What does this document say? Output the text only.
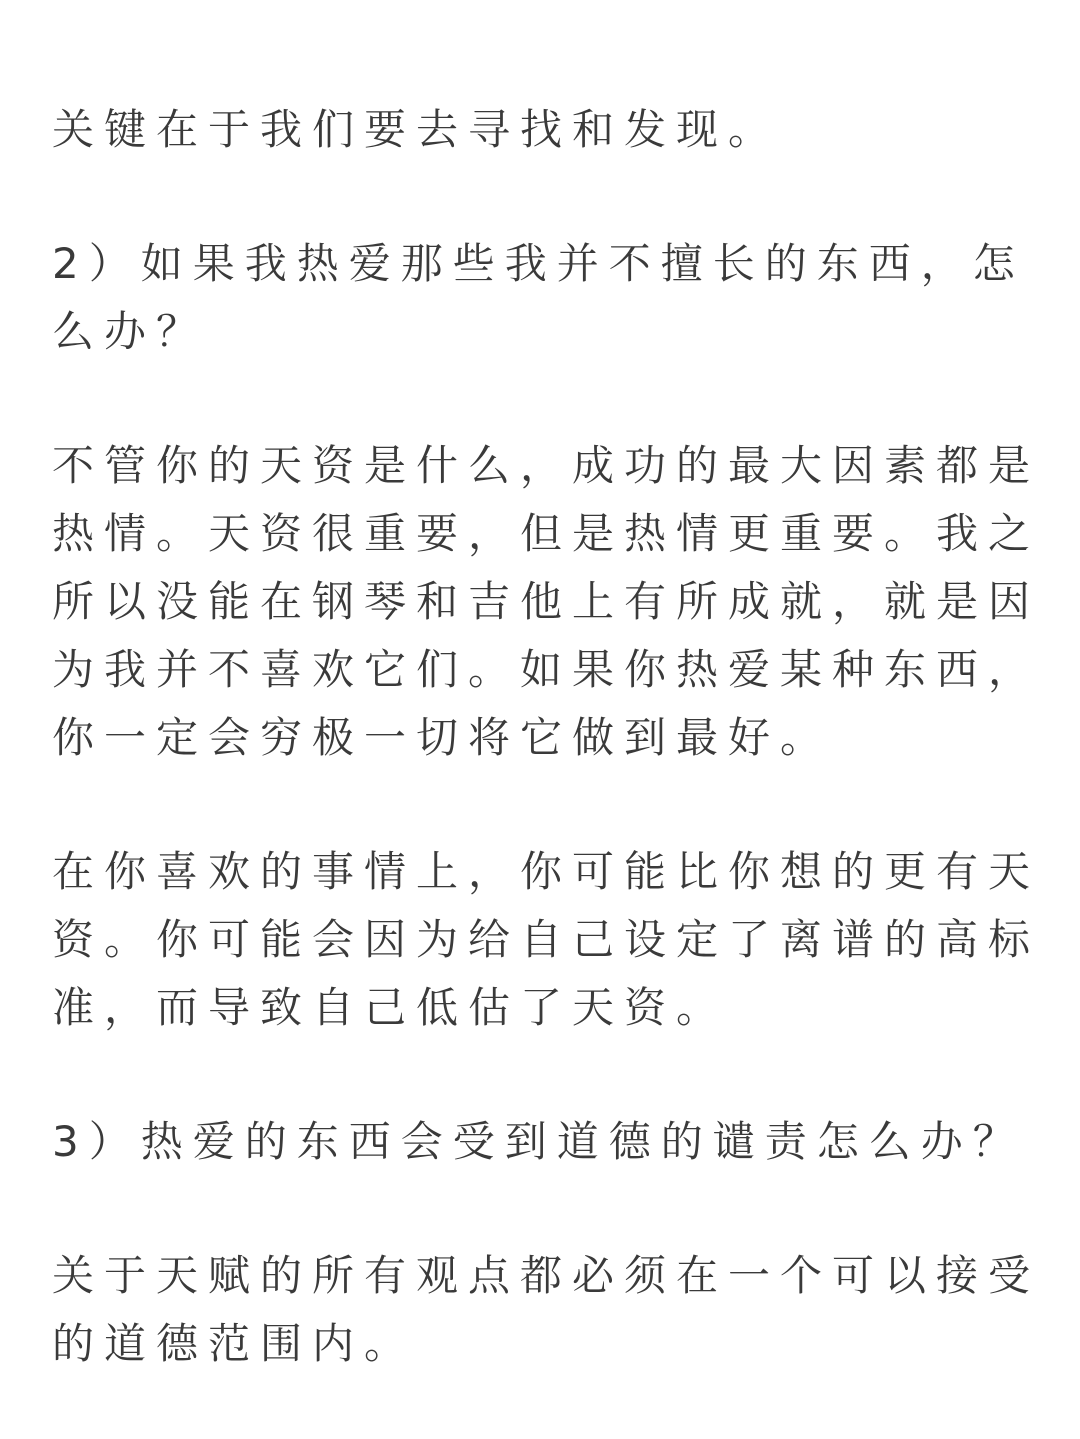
关键在于我们要去寻找和发现。

2）如果我热爱那些我并不擅长的东西，怎
么办？

不管你的天资是什么，成功的最大因素都是
热情。天资很重要，但是热情更重要。我之
所以没能在钢琴和吉他上有所成就，就是因
为我并不喜欢它们。如果你热爱某种东西，
你一定会穷极一切将它做到最好。

在你喜欢的事情上，你可能比你想的更有天
资。你可能会因为给自己设定了离谱的高标
准，而导致自己低估了天资。

3）热爱的东西会受到道德的谴责怎么办？

关于天赋的所有观点都必须在一个可以接受
的道德范围内。
